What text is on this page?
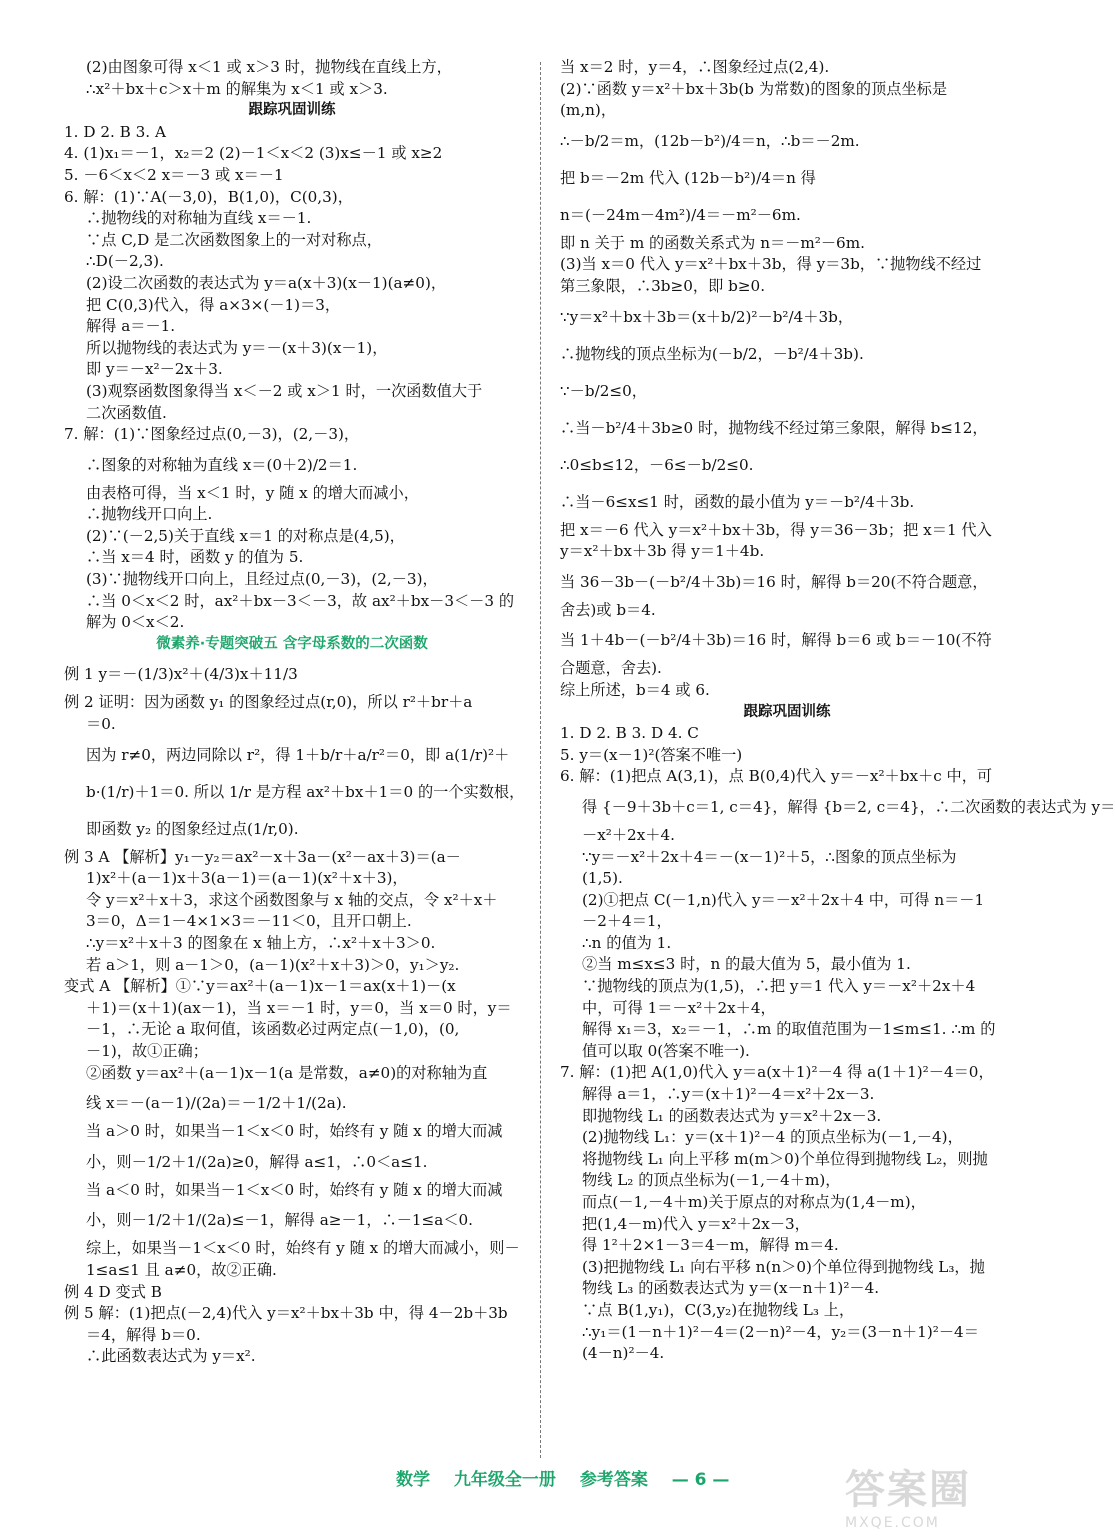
(2)由图象可得 x＜1 或 x＞3 时，抛物线在直线上方，
∴x²＋bx＋c＞x＋m 的解集为 x＜1 或 x＞3.
跟踪巩固训练
1. D 2. B 3. A
4. (1)x₁＝－1，x₂＝2 (2)－1＜x＜2 (3)x≤－1 或 x≥2
5. －6＜x＜2 x＝－3 或 x＝－1
6. 解：(1)∵A(－3,0)，B(1,0)，C(0,3)，
∴抛物线的对称轴为直线 x＝－1.
∵点 C,D 是二次函数图象上的一对对称点，
∴D(－2,3).
(2)设二次函数的表达式为 y＝a(x＋3)(x－1)(a≠0)，
把 C(0,3)代入，得 a×3×(－1)＝3，
解得 a＝－1.
所以抛物线的表达式为 y＝－(x＋3)(x－1)，
即 y＝－x²－2x＋3.
(3)观察函数图象得当 x＜－2 或 x＞1 时，一次函数值大于
二次函数值.
7. 解：(1)∵图象经过点(0,－3)，(2,－3)，
∴图象的对称轴为直线 x＝(0＋2)/2＝1.
由表格可得，当 x＜1 时，y 随 x 的增大而减小，
∴抛物线开口向上.
(2)∵(－2,5)关于直线 x＝1 的对称点是(4,5)，
∴当 x＝4 时，函数 y 的值为 5.
(3)∵抛物线开口向上，且经过点(0,－3)，(2,－3)，
∴当 0＜x＜2 时，ax²＋bx－3＜－3，故 ax²＋bx－3＜－3 的
解为 0＜x＜2.
微素养·专题突破五 含字母系数的二次函数
例 1 y＝－(1/3)x²＋(4/3)x＋11/3
例 2 证明：因为函数 y₁ 的图象经过点(r,0)，所以 r²＋br＋a
＝0.
因为 r≠0，两边同除以 r²，得 1＋b/r＋a/r²＝0，即 a(1/r)²＋
b·(1/r)＋1＝0. 所以 1/r 是方程 ax²＋bx＋1＝0 的一个实数根，
即函数 y₂ 的图象经过点(1/r,0).
例 3 A 【解析】y₁－y₂＝ax²－x＋3a－(x²－ax＋3)＝(a－
1)x²＋(a－1)x＋3(a－1)＝(a－1)(x²＋x＋3)，
令 y＝x²＋x＋3，求这个函数图象与 x 轴的交点，令 x²＋x＋
3＝0，Δ＝1－4×1×3＝－11＜0，且开口朝上.
∴y＝x²＋x＋3 的图象在 x 轴上方，∴x²＋x＋3＞0.
若 a＞1，则 a－1＞0，(a－1)(x²＋x＋3)＞0，y₁＞y₂.
变式 A 【解析】①∵y＝ax²＋(a－1)x－1＝ax(x＋1)－(x
＋1)＝(x＋1)(ax－1)，当 x＝－1 时，y＝0，当 x＝0 时，y＝
－1，∴无论 a 取何值，该函数必过两定点(－1,0)，(0,
－1)，故①正确；
②函数 y＝ax²＋(a－1)x－1(a 是常数，a≠0)的对称轴为直
线 x＝－(a－1)/(2a)＝－1/2＋1/(2a).
当 a＞0 时，如果当－1＜x＜0 时，始终有 y 随 x 的增大而减
小，则－1/2＋1/(2a)≥0，解得 a≤1，∴0＜a≤1.
当 a＜0 时，如果当－1＜x＜0 时，始终有 y 随 x 的增大而减
小，则－1/2＋1/(2a)≤－1，解得 a≥－1，∴－1≤a＜0.
综上，如果当－1＜x＜0 时，始终有 y 随 x 的增大而减小，则－
1≤a≤1 且 a≠0，故②正确.
例 4 D 变式 B
例 5 解：(1)把点(－2,4)代入 y＝x²＋bx＋3b 中，得 4－2b＋3b
＝4，解得 b＝0.
∴此函数表达式为 y＝x².
当 x＝2 时，y＝4，∴图象经过点(2,4).
(2)∵函数 y＝x²＋bx＋3b(b 为常数)的图象的顶点坐标是
(m,n)，
∴－b/2＝m，(12b－b²)/4＝n，∴b＝－2m.
把 b＝－2m 代入 (12b－b²)/4＝n 得
n＝(－24m－4m²)/4＝－m²－6m.
即 n 关于 m 的函数关系式为 n＝－m²－6m.
(3)当 x＝0 代入 y＝x²＋bx＋3b，得 y＝3b，∵抛物线不经过
第三象限，∴3b≥0，即 b≥0.
∵y＝x²＋bx＋3b＝(x＋b/2)²－b²/4＋3b，
∴抛物线的顶点坐标为(－b/2，－b²/4＋3b).
∵－b/2≤0，
∴当－b²/4＋3b≥0 时，抛物线不经过第三象限，解得 b≤12，
∴0≤b≤12，－6≤－b/2≤0.
∴当－6≤x≤1 时，函数的最小值为 y＝－b²/4＋3b.
把 x＝－6 代入 y＝x²＋bx＋3b，得 y＝36－3b；把 x＝1 代入
y＝x²＋bx＋3b 得 y＝1＋4b.
当 36－3b－(－b²/4＋3b)＝16 时，解得 b＝20(不符合题意，
舍去)或 b＝4.
当 1＋4b－(－b²/4＋3b)＝16 时，解得 b＝6 或 b＝－10(不符
合题意，舍去).
综上所述，b＝4 或 6.
跟踪巩固训练
1. D 2. B 3. D 4. C
5. y＝(x－1)²(答案不唯一)
6. 解：(1)把点 A(3,1)，点 B(0,4)代入 y＝－x²＋bx＋c 中，可
得 {－9＋3b＋c＝1, c＝4}，解得 {b＝2, c＝4}，∴二次函数的表达式为 y＝
－x²＋2x＋4.
∵y＝－x²＋2x＋4＝－(x－1)²＋5，∴图象的顶点坐标为
(1,5).
(2)①把点 C(－1,n)代入 y＝－x²＋2x＋4 中，可得 n＝－1
－2＋4＝1，
∴n 的值为 1.
②当 m≤x≤3 时，n 的最大值为 5，最小值为 1.
∵抛物线的顶点为(1,5)，∴把 y＝1 代入 y＝－x²＋2x＋4
中，可得 1＝－x²＋2x＋4，
解得 x₁＝3，x₂＝－1，∴m 的取值范围为－1≤m≤1. ∴m 的
值可以取 0(答案不唯一).
7. 解：(1)把 A(1,0)代入 y＝a(x＋1)²－4 得 a(1＋1)²－4＝0，
解得 a＝1，∴y＝(x＋1)²－4＝x²＋2x－3.
即抛物线 L₁ 的函数表达式为 y＝x²＋2x－3.
(2)抛物线 L₁：y＝(x＋1)²－4 的顶点坐标为(－1,－4)，
将抛物线 L₁ 向上平移 m(m＞0)个单位得到抛物线 L₂，则抛
物线 L₂ 的顶点坐标为(－1,－4＋m)，
而点(－1,－4＋m)关于原点的对称点为(1,4－m)，
把(1,4－m)代入 y＝x²＋2x－3，
得 1²＋2×1－3＝4－m，解得 m＝4.
(3)把抛物线 L₁ 向右平移 n(n＞0)个单位得到抛物线 L₃，抛
物线 L₃ 的函数表达式为 y＝(x－n＋1)²－4.
∵点 B(1,y₁)，C(3,y₂)在抛物线 L₃ 上，
∴y₁＝(1－n＋1)²－4＝(2－n)²－4，y₂＝(3－n＋1)²－4＝
(4－n)²－4.
数学 九年级全一册 参考答案 — 6 —	答案圈
MXQE.COM
